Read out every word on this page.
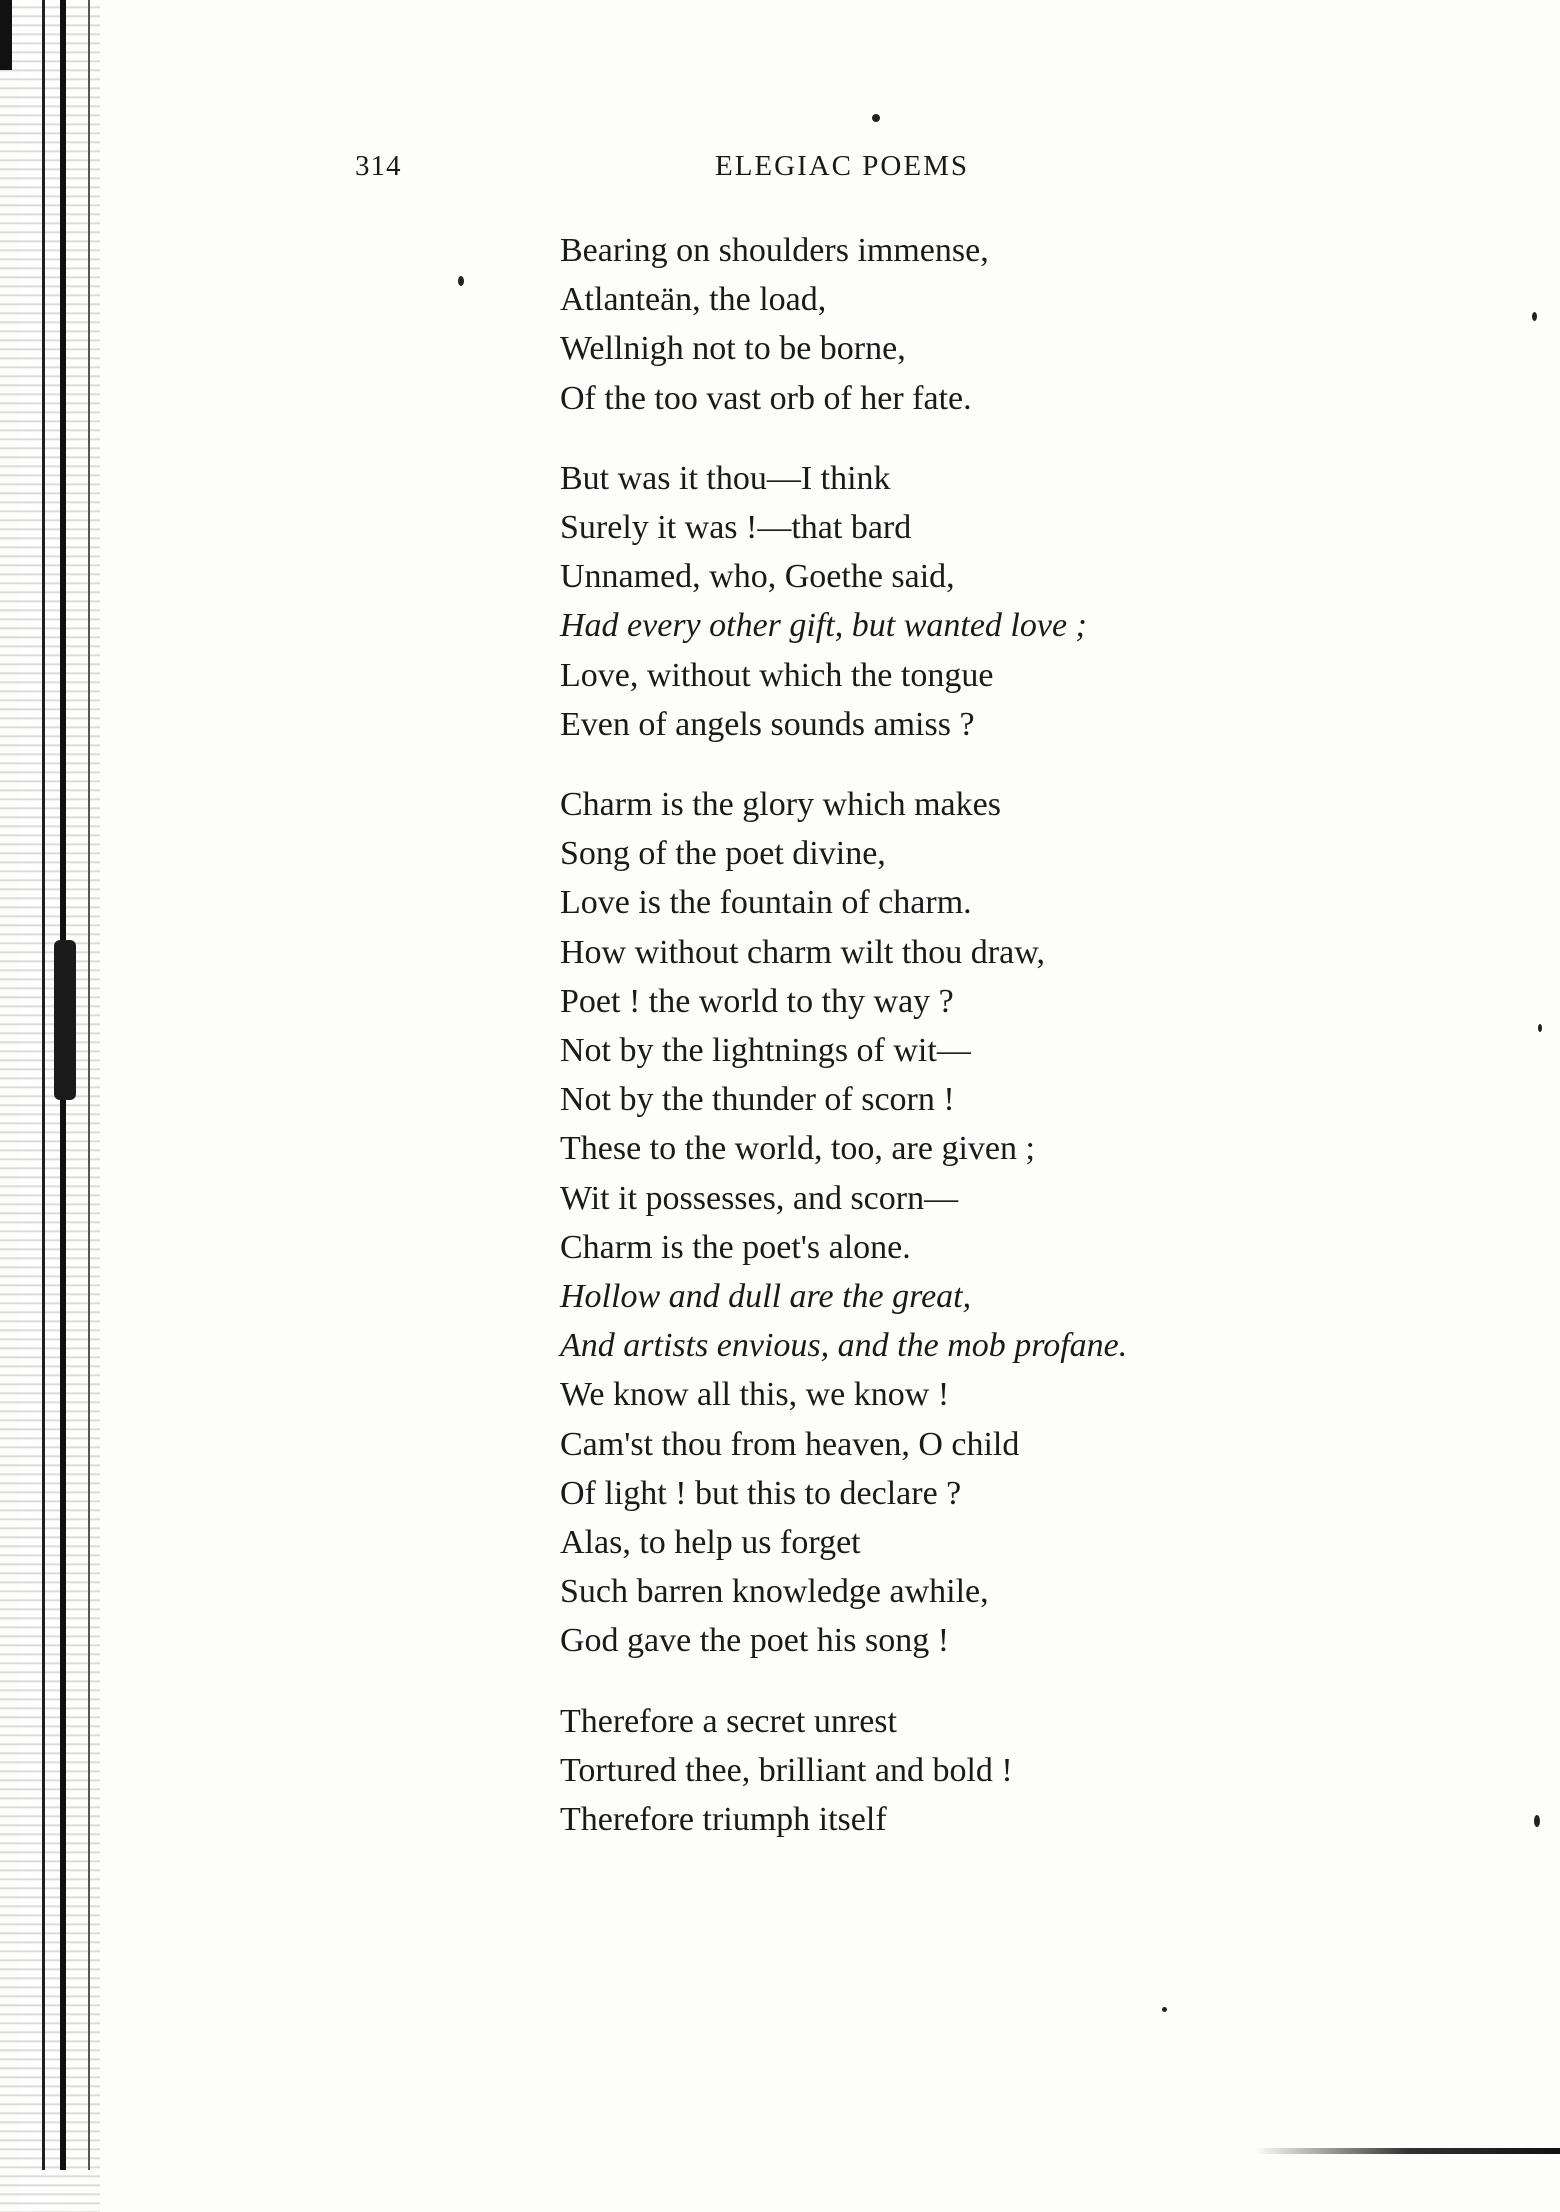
314	ELEGIAC POEMS
Bearing on shoulders immense,
Atlanteän, the load,
Wellnigh not to be borne,
Of the too vast orb of her fate.
But was it thou—I think
Surely it was !—that bard
Unnamed, who, Goethe said,
Had every other gift, but wanted love ;
Love, without which the tongue
Even of angels sounds amiss ?
Charm is the glory which makes
Song of the poet divine,
Love is the fountain of charm.
How without charm wilt thou draw,
Poet ! the world to thy way ?
Not by the lightnings of wit—
Not by the thunder of scorn !
These to the world, too, are given ;
Wit it possesses, and scorn—
Charm is the poet's alone.
Hollow and dull are the great,
And artists envious, and the mob profane.
We know all this, we know !
Cam'st thou from heaven, O child
Of light ! but this to declare ?
Alas, to help us forget
Such barren knowledge awhile,
God gave the poet his song !
Therefore a secret unrest
Tortured thee, brilliant and bold !
Therefore triumph itself
